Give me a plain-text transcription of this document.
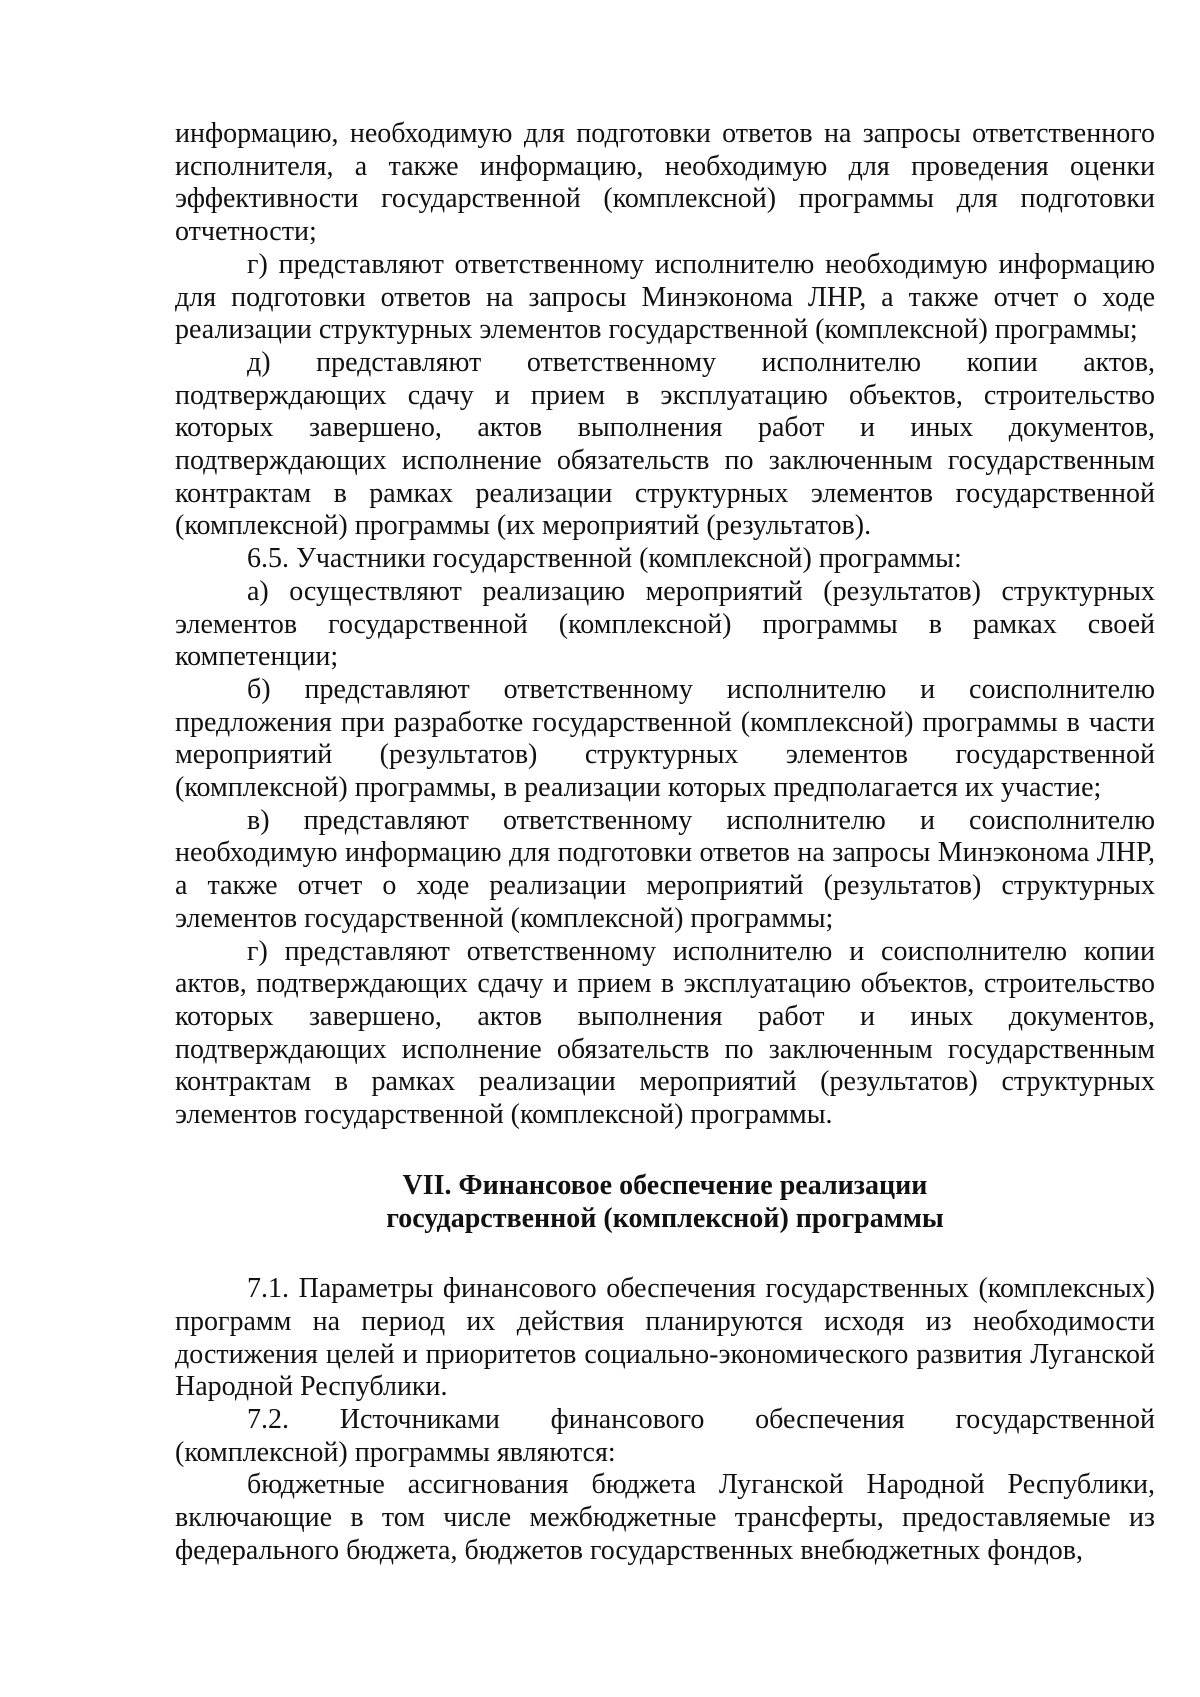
информацию, необходимую для подготовки ответов на запросы ответственного исполнителя, а также информацию, необходимую для проведения оценки эффективности государственной (комплексной) программы для подготовки отчетности;

г) представляют ответственному исполнителю необходимую информацию для подготовки ответов на запросы Минэконома ЛНР, а также отчет о ходе реализации структурных элементов государственной (комплексной) программы;

д) представляют ответственному исполнителю копии актов, подтверждающих сдачу и прием в эксплуатацию объектов, строительство которых завершено, актов выполнения работ и иных документов, подтверждающих исполнение обязательств по заключенным государственным контрактам в рамках реализации структурных элементов государственной (комплексной) программы (их мероприятий (результатов).

6.5. Участники государственной (комплексной) программы:

а) осуществляют реализацию мероприятий (результатов) структурных элементов государственной (комплексной) программы в рамках своей компетенции;

б) представляют ответственному исполнителю и соисполнителю предложения при разработке государственной (комплексной) программы в части мероприятий (результатов) структурных элементов государственной (комплексной) программы, в реализации которых предполагается их участие;

в) представляют ответственному исполнителю и соисполнителю необходимую информацию для подготовки ответов на запросы Минэконома ЛНР, а также отчет о ходе реализации мероприятий (результатов) структурных элементов государственной (комплексной) программы;

г) представляют ответственному исполнителю и соисполнителю копии актов, подтверждающих сдачу и прием в эксплуатацию объектов, строительство которых завершено, актов выполнения работ и иных документов, подтверждающих исполнение обязательств по заключенным государственным контрактам в рамках реализации мероприятий (результатов) структурных элементов государственной (комплексной) программы.

VII. Финансовое обеспечение реализации
государственной (комплексной) программы

7.1. Параметры финансового обеспечения государственных (комплексных) программ на период их действия планируются исходя из необходимости достижения целей и приоритетов социально-экономического развития Луганской Народной Республики.

7.2. Источниками финансового обеспечения государственной (комплексной) программы являются:

бюджетные ассигнования бюджета Луганской Народной Республики, включающие в том числе межбюджетные трансферты, предоставляемые из федерального бюджета, бюджетов государственных внебюджетных фондов,
